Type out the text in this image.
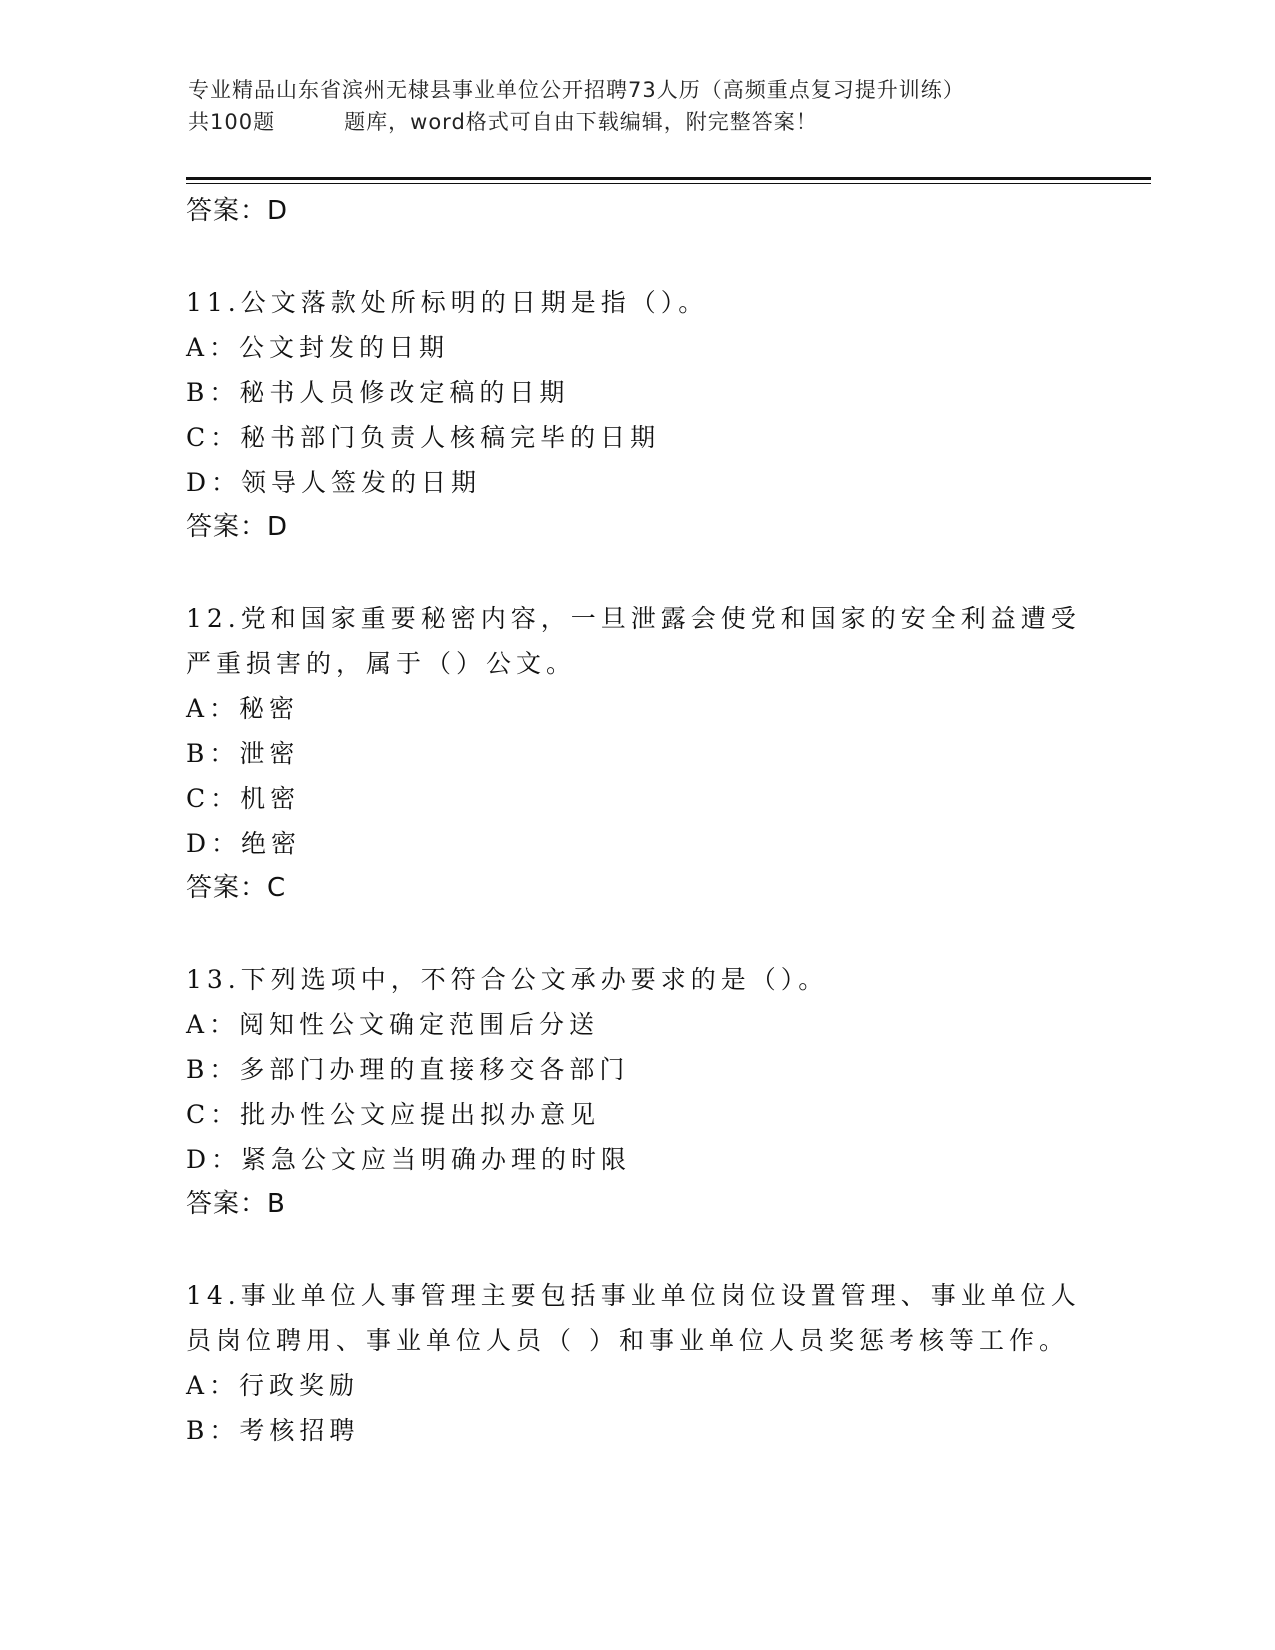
专业精品山东省滨州无棣县事业单位公开招聘73人历（高频重点复习提升训练）
共100题         题库，word格式可自由下载编辑，附完整答案！
答案：D
11.公文落款处所标明的日期是指（）。
A：公文封发的日期
B：秘书人员修改定稿的日期
C：秘书部门负责人核稿完毕的日期
D：领导人签发的日期
答案：D
12.党和国家重要秘密内容，一旦泄露会使党和国家的安全利益遭受严重损害的，属于（）公文。
A：秘密
B：泄密
C：机密
D：绝密
答案：C
13.下列选项中，不符合公文承办要求的是（）。
A：阅知性公文确定范围后分送
B：多部门办理的直接移交各部门
C：批办性公文应提出拟办意见
D：紧急公文应当明确办理的时限
答案：B
14.事业单位人事管理主要包括事业单位岗位设置管理、事业单位人员岗位聘用、事业单位人员（ ）和事业单位人员奖惩考核等工作。
A：行政奖励
B：考核招聘
